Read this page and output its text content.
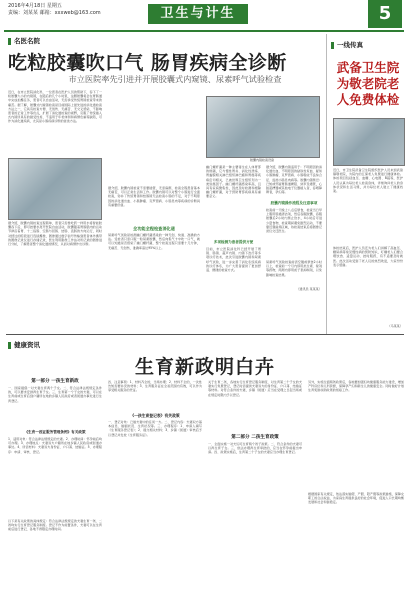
2016年4月18日 星期五
责编：刘某某 邮箱：xxxweb@163.com	卫生与计生	5
名医名院
吃粒胶囊吹口气 肠胃疾病全诊断
市立医院率先引进并开展胶囊式内窥镜、尿素呼气试验检查
近日，在市立医院消化科，一位患者在医护人员的帮助下，吞下了一粒胶囊大小的内窥镜，在随后的几个小时里，这颗胶囊将会在胃肠道中完成拍摄任务，患者可以自由活动，无需承受传统胃镜检查带来的痛苦。据了解，胶囊式内窥镜检查是目前国际上最先进的消化道检查方法之一，它具有检查方便、无创伤、无痛苦、无交叉感染、不影响患者的正常工作等优点，扩展了消化道检查的视野，克服了传统插入式内镜所具有的耐受性差、不适用于年老体弱和病情危重等缺陷，可作为消化道疾病，尤其是小肠疾病诊断的首选方法。
据介绍，胶囊内镜检查过程简单，患者只需像吃药一样用水将智能胶囊吞下后，即可按要求离开医院自由活动，胶囊随着胃肠肌肉的运动节律沿着胃、十二指肠、空肠与回肠、结肠、直肠的方向运行，同时对经过的腔段进行连续摄像，图像通过数字信号传输到患者体外携带的图像记录仪进行存储记录，医生利用影像工作站对所记录的图像进行分析，了解患者整个消化道的情况，从而对病情作出诊断。
据介绍，胶囊内镜检查不需要插管，无需麻醉，检查全程患者基本无痛苦，可以正常生活和工作。胶囊内镜可以对整个小肠进行全面检查，弥补了传统胃镜和结肠镜无法检查小肠的不足，对于不明原因的消化道出血、小肠肿瘤、克罗恩病、小肠息肉等疾病的诊断具有重要价值。
全功能全程检查消化道
尿素呼气试验是检测幽门螺杆菌感染的一种无创、快速、准确的方法。受检者只需口服一粒尿素胶囊，然后向集气卡中吹一口气，就可以知道是否感染了幽门螺杆菌，整个检查过程只需要十几分钟，无痛苦、无创伤，准确率高达95%以上。
胶囊内镜检查设备
幽门螺杆菌是一种主要寄生在人体胃部的细菌，它与慢性胃炎、消化性溃疡、胃黏膜相关淋巴组织淋巴瘤和胃癌等疾病密切相关，已被世界卫生组织列为一类致癌因子。幽门螺杆菌感染率高，且具有家庭聚集性，因此及时检测和根除幽门螺杆菌，对于预防胃部疾病具有重要意义。
多项检测为患者提供方便
目前，市立医院消化科已经开展了胃镜、肠镜、超声内镜、内镜下治疗等多项诊疗技术，此次引进胶囊内镜和尿素呼气试验，进一步完善了消化系统疾病的诊疗体系，为广大患者提供了更加舒适、便捷的检查方式。
据介绍，胶囊内镜适用于：不明原因的消化道出血、不明原因的缺铁性贫血、疑似小肠肿瘤、克罗恩病、小肠吸收不良综合征、监控小肠息肉病等。胶囊内镜禁忌：已知或怀疑胃肠道梗阻、狭窄及瘘管，心脏起搏器或其他电子仪器植入者，吞咽障碍者，孕妇等。
胶囊内镜操作流程及注意事项
检查前一天晚上八点后禁食，检查当日早上服用肠道清洁剂，然后吞服胶囊，吞服胶囊后2小时内禁止饮水，4小时后可进少量食物，检查期间避免剧烈运动，不要靠近强磁场区域，待检查结束后将图像记录仪交还医生。
尿素呼气试验检查前需空腹或禁食2小时以上，检查前一个月内停用抗生素、铋剂等药物，两周内停用质子泵抑制剂，以免影响检查结果。
（通讯员 某某某）
一线传真
武备卫生院为敬老院老人免费体检
近日，市卫生院武备卫生院组织医护人员来到武备镇敬老院，为院内的五保老人免费进行健康体检。体检项目包括血压、血糖、心电图、B超等，医护人员认真为每位老人检查身体，详细询问老人的身体状况和生活习惯，并为每位老人建立了健康档案。
体检结束后，医护人员还为老人们讲解了高血压、糖尿病等常见慢性病的预防知识，叮嘱老人们要合理饮食、适量运动、按时服药，有不适要及时就医。此次活动受到了老人们的热烈欢迎，大家纷纷表示感谢。
（马某某）
健康资讯
生育新政明白卉
第一部分 一孩生育新政
一、国家提倡一对夫妻生育两个子女。二、符合法律法规规定条件的，可以要求安排再生育子女。三、生育第一个子女的夫妻，可以在生育前或生育后到户籍所在地的乡镇人民政府或者街道办事处进行生育登记。
《生育一孩证服务管理条例》有关政策
1、适用对象：符合法律法规规定的夫妻。2、办理时间：怀孕前后均可办理。3、办理地点：夫妻双方户籍所在地乡镇人民政府或街道办事处。4、所需材料：夫妻双方身份证、户口簿、结婚证。5、办理程序：申请、审核、登记。
以下是有关政策的具体规定：符合法律法规规定的夫妻生育一孩、二孩均实行生育登记服务制度。登记不作为前置条件，夫妻可以在生育前后进行登记，各地不得限定办理时间。
四、注意事项：1、材料齐全的，当场办理；2、材料不全的，一次性告知需要补充的材料；3、生育服务证在全省范围内有效，可以作为享受相关服务的凭证。
《一孩生育登记表》有关政策
一、登记对象：已婚夫妻中的任何一方。二、登记内容：夫妻双方基本信息、婚姻状况、生育状况等。三、办理程序：1、申请人填写《生育服务登记表》；2、提交相关材料；3、乡镇（街道）审核后予以登记并发放《生育服务证》。
关于生育二孩，各地实行生育登记服务制度，对生育第二个子女的夫妻实行免费登记，登记时需提供夫妻双方的身份证、户口簿、结婚证等材料。对符合条件的夫妻，乡镇（街道）应当在受理之日起当场或在规定时限内予以登记。
第二部分 二孩生育政策
一、全面实施一对夫妇可生育两个孩子政策。二、符合条件的夫妻可以再生育子女。三、依法办理再生育审批的，应当在怀孕前提出申请。四、政策实施后，生育第二个子女的夫妻应当办理生育登记。
另外，实施全面两孩政策后，各地要加强妇幼健康服务能力建设，增加产科床位和儿科资源，保障孕产妇和新生儿的健康安全。同时做好计划生育奖励扶助政策的衔接工作。
根据国家有关规定，依法落实婚假、产假、陪产假等政策措施，保障女职工的合法权益，为家庭生育提供良好的社会环境，促进人口长期均衡发展和社会和谐稳定。
